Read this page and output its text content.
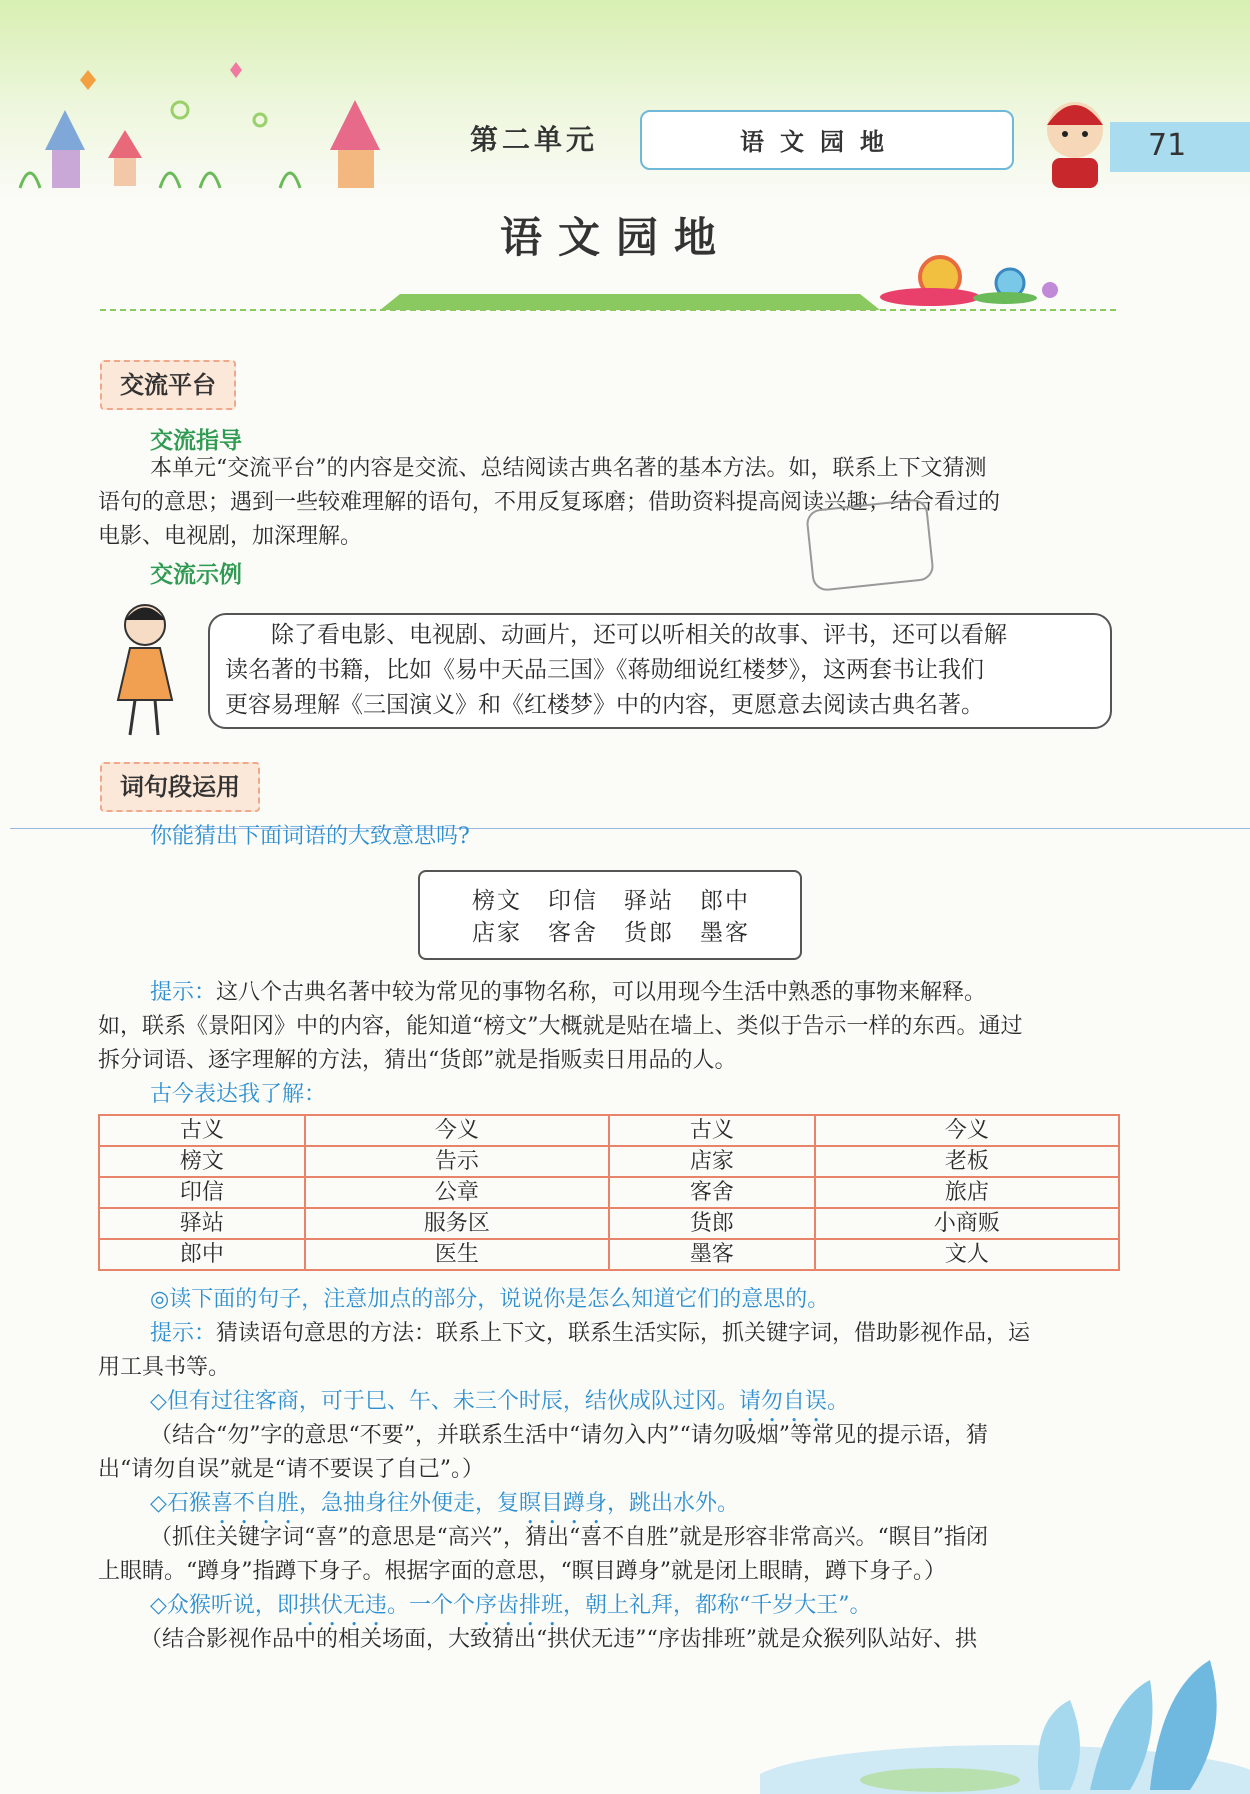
第二单元	语文园地	71
语文园地
交流平台
交流指导
本单元“交流平台”的内容是交流、总结阅读古典名著的基本方法。如，联系上下文猜测
语句的意思；遇到一些较难理解的语句，不用反复琢磨；借助资料提高阅读兴趣；结合看过的
电影、电视剧，加深理解。
交流示例
除了看电影、电视剧、动画片，还可以听相关的故事、评书，还可以看解
读名著的书籍，比如《易中天品三国》《蒋勋细说红楼梦》，这两套书让我们
更容易理解《三国演义》和《红楼梦》中的内容，更愿意去阅读古典名著。
词句段运用
你能猜出下面词语的大致意思吗?
榜文 印信 驿站 郎中
店家 客舍 货郎 墨客
提示：这八个古典名著中较为常见的事物名称，可以用现今生活中熟悉的事物来解释。
如，联系《景阳冈》中的内容，能知道“榜文”大概就是贴在墙上、类似于告示一样的东西。通过
拆分词语、逐字理解的方法，猜出“货郎”就是指贩卖日用品的人。
古今表达我了解：
古义	今义	古义	今义
榜文	告示	店家	老板
印信	公章	客舍	旅店
驿站	服务区	货郎	小商贩
郎中	医生	墨客	文人
◎读下面的句子，注意加点的部分，说说你是怎么知道它们的意思的。
提示：猜读语句意思的方法：联系上下文，联系生活实际，抓关键字词，借助影视作品，运
用工具书等。
◇但有过往客商，可于巳、午、未三个时辰，结伙成队过冈。请勿自误。
（结合“勿”字的意思“不要”，并联系生活中“请勿入内”“请勿吸烟”等常见的提示语，猜
出“请勿自误”就是“请不要误了自己”。）
◇石猴喜不自胜，急抽身往外便走，复瞑目蹲身，跳出水外。
（抓住关键字词“喜”的意思是“高兴”，猜出“喜不自胜”就是形容非常高兴。“瞑目”指闭
上眼睛。“蹲身”指蹲下身子。根据字面的意思，“瞑目蹲身”就是闭上眼睛，蹲下身子。）
◇众猴听说，即拱伏无违。一个个序齿排班，朝上礼拜，都称“千岁大王”。
（结合影视作品中的相关场面，大致猜出“拱伏无违”“序齿排班”就是众猴列队站好、拱
